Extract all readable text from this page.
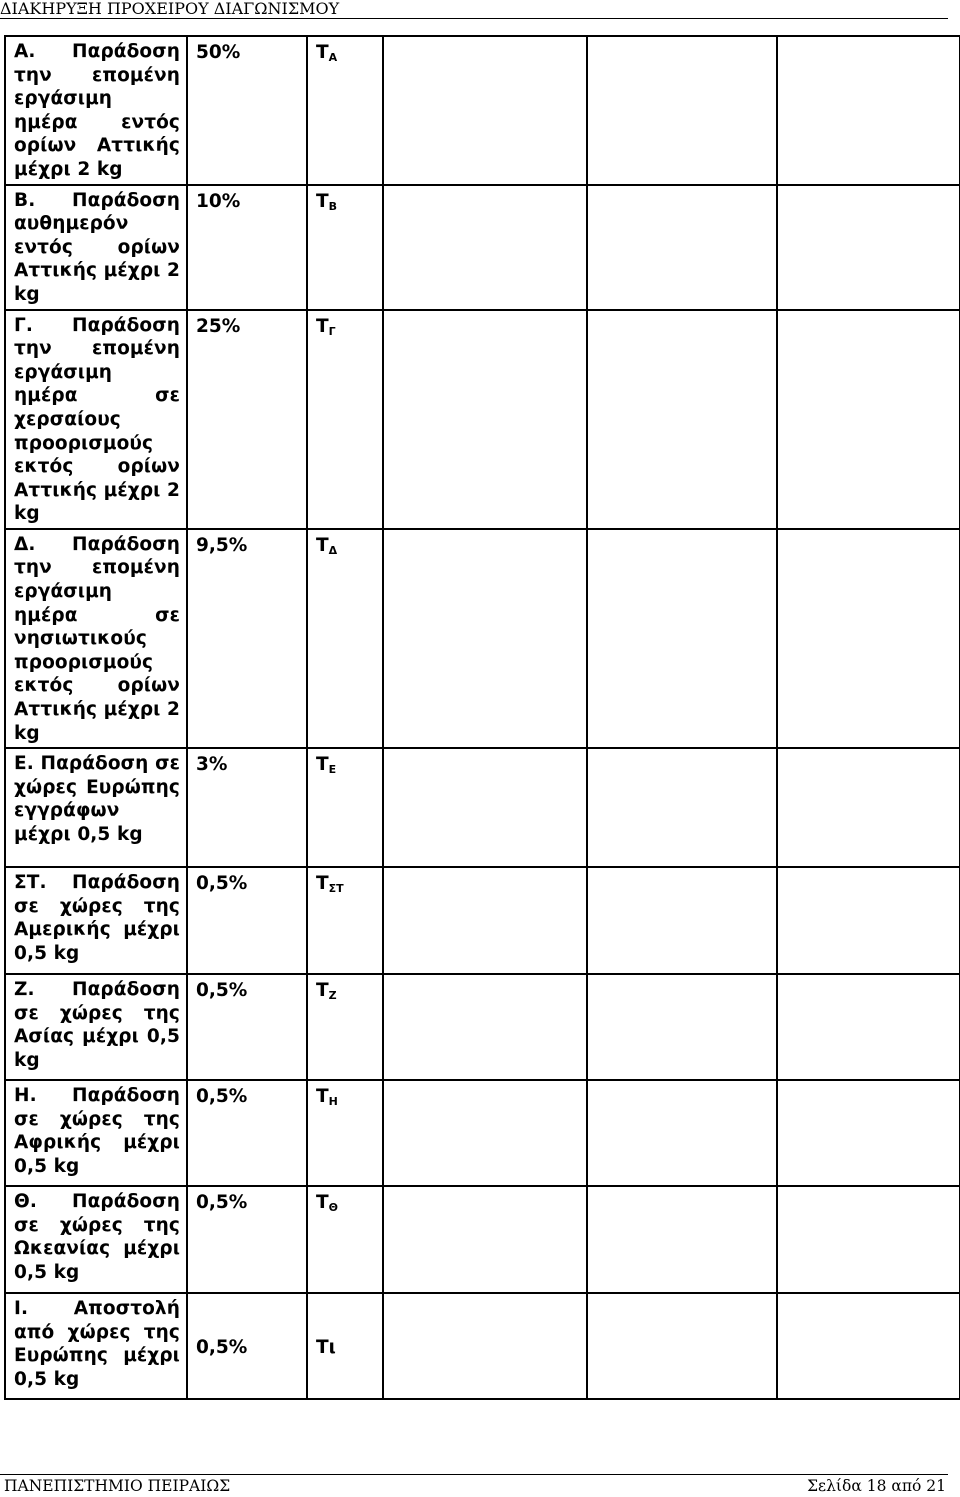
ΔΙΑΚΗΡΥΞΗ ΠΡΟΧΕΙΡΟΥ ΔΙΑΓΩΝΙΣΜΟΥ
Α. Παράδοση την επομένη εργάσιμη ημέρα εντός ορίων Αττικής μέχρι 2 kg	50%	$T_A$			
Β. Παράδοση αυθημερόν εντός ορίων Αττικής μέχρι 2 kg	10%	$T_B$			
Γ. Παράδοση την επομένη εργάσιμη ημέρα σε χερσαίους προορισμούς εκτός ορίων Αττικής μέχρι 2 kg	25%	$T_\Gamma$			
Δ. Παράδοση την επομένη εργάσιμη ημέρα σε νησιωτικούς προορισμούς εκτός ορίων Αττικής μέχρι 2 kg	9,5%	$T_\Delta$			
Ε. Παράδοση σε χώρες Ευρώπης εγγράφων μέχρι 0,5 kg	3%	$T_E$			
ΣΤ. Παράδοση σε χώρες της Αμερικής μέχρι 0,5 kg	0,5%	$T_{\Sigma T}$			
Ζ. Παράδοση σε χώρες της Ασίας μέχρι 0,5 kg	0,5%	$T_Z$			
Η. Παράδοση σε χώρες της Αφρικής μέχρι 0,5 kg	0,5%	$T_H$			
Θ. Παράδοση σε χώρες της Ωκεανίας μέχρι 0,5 kg	0,5%	$T_\Theta$			
Ι. Αποστολή από χώρες της Ευρώπης μέχρι 0,5 kg	0,5%	Tι			
ΠΑΝΕΠΙΣΤΗΜΙΟ ΠΕΙΡΑΙΩΣ	Σελίδα 18 από 21
